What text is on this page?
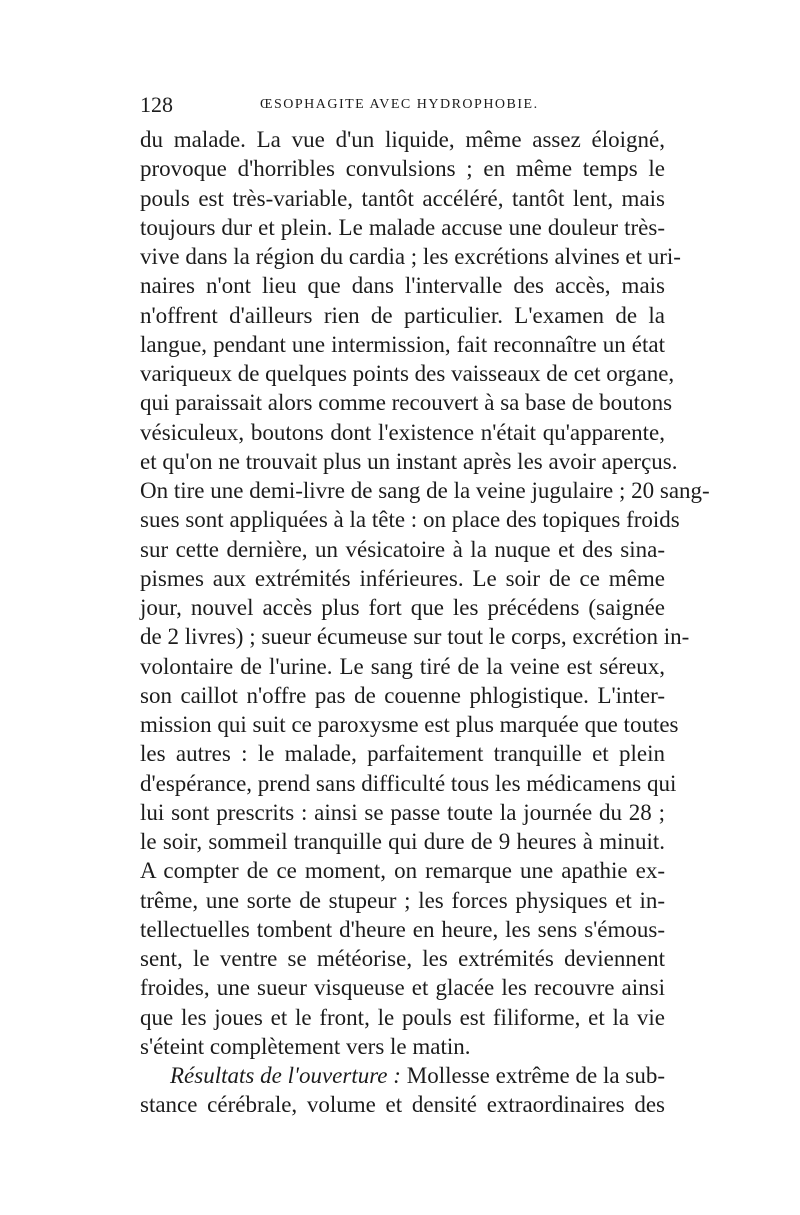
128	ŒSOPHAGITE AVEC HYDROPHOBIE.
du malade. La vue d'un liquide, même assez éloigné,
provoque d'horribles convulsions ; en même temps le
pouls est très-variable, tantôt accéléré, tantôt lent, mais
toujours dur et plein. Le malade accuse une douleur très-
vive dans la région du cardia ; les excrétions alvines et uri-
naires n'ont lieu que dans l'intervalle des accès, mais
n'offrent d'ailleurs rien de particulier. L'examen de la
langue, pendant une intermission, fait reconnaître un état
variqueux de quelques points des vaisseaux de cet organe,
qui paraissait alors comme recouvert à sa base de boutons
vésiculeux, boutons dont l'existence n'était qu'apparente,
et qu'on ne trouvait plus un instant après les avoir aperçus.
On tire une demi-livre de sang de la veine jugulaire ; 20 sang-
sues sont appliquées à la tête : on place des topiques froids
sur cette dernière, un vésicatoire à la nuque et des sina-
pismes aux extrémités inférieures. Le soir de ce même
jour, nouvel accès plus fort que les précédens (saignée
de 2 livres) ; sueur écumeuse sur tout le corps, excrétion in-
volontaire de l'urine. Le sang tiré de la veine est séreux,
son caillot n'offre pas de couenne phlogistique. L'inter-
mission qui suit ce paroxysme est plus marquée que toutes
les autres : le malade, parfaitement tranquille et plein
d'espérance, prend sans difficulté tous les médicamens qui
lui sont prescrits : ainsi se passe toute la journée du 28 ;
le soir, sommeil tranquille qui dure de 9 heures à minuit.
A compter de ce moment, on remarque une apathie ex-
trême, une sorte de stupeur ; les forces physiques et in-
tellectuelles tombent d'heure en heure, les sens s'émous-
sent, le ventre se météorise, les extrémités deviennent
froides, une sueur visqueuse et glacée les recouvre ainsi
que les joues et le front, le pouls est filiforme, et la vie
s'éteint complètement vers le matin.
Résultats de l'ouverture : Mollesse extrême de la sub-
stance cérébrale, volume et densité extraordinaires des
